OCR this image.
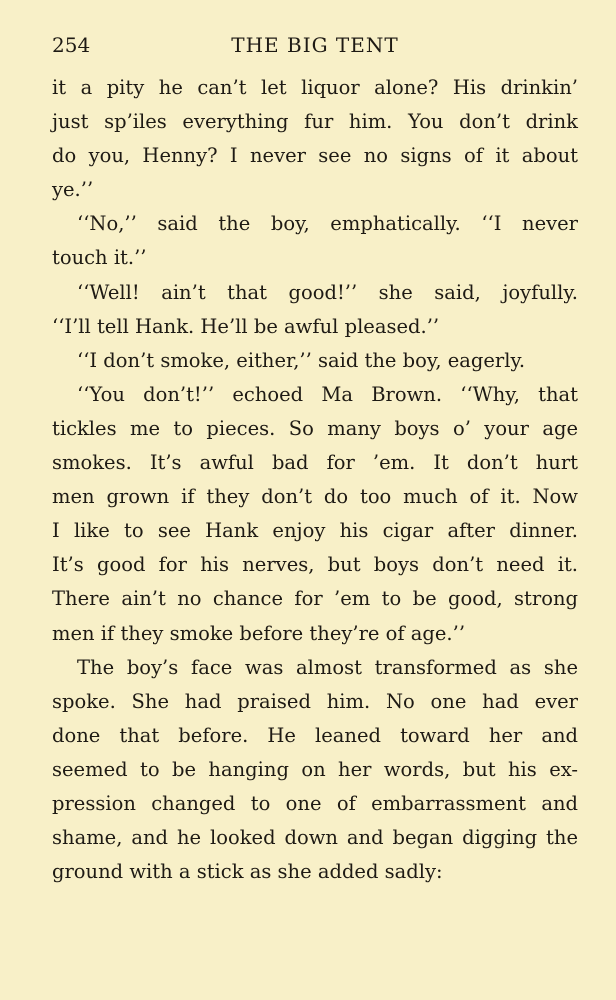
254	THE BIG TENT
it a pity he can’t let liquor alone? His drinkin’
just sp’iles everything fur him. You don’t drink
do you, Henny? I never see no signs of it about
ye.’’
‘‘No,’’ said the boy, emphatically. ‘‘I never
touch it.’’
‘‘Well! ain’t that good!’’ she said, joyfully.
‘‘I’ll tell Hank. He’ll be awful pleased.’’
‘‘I don’t smoke, either,’’ said the boy, eagerly.
‘‘You don’t!’’ echoed Ma Brown. ‘‘Why, that
tickles me to pieces. So many boys o’ your age
smokes. It’s awful bad for ’em. It don’t hurt
men grown if they don’t do too much of it. Now
I like to see Hank enjoy his cigar after dinner.
It’s good for his nerves, but boys don’t need it.
There ain’t no chance for ’em to be good, strong
men if they smoke before they’re of age.’’
The boy’s face was almost transformed as she
spoke. She had praised him. No one had ever
done that before. He leaned toward her and
seemed to be hanging on her words, but his ex-
pression changed to one of embarrassment and
shame, and he looked down and began digging the
ground with a stick as she added sadly:
